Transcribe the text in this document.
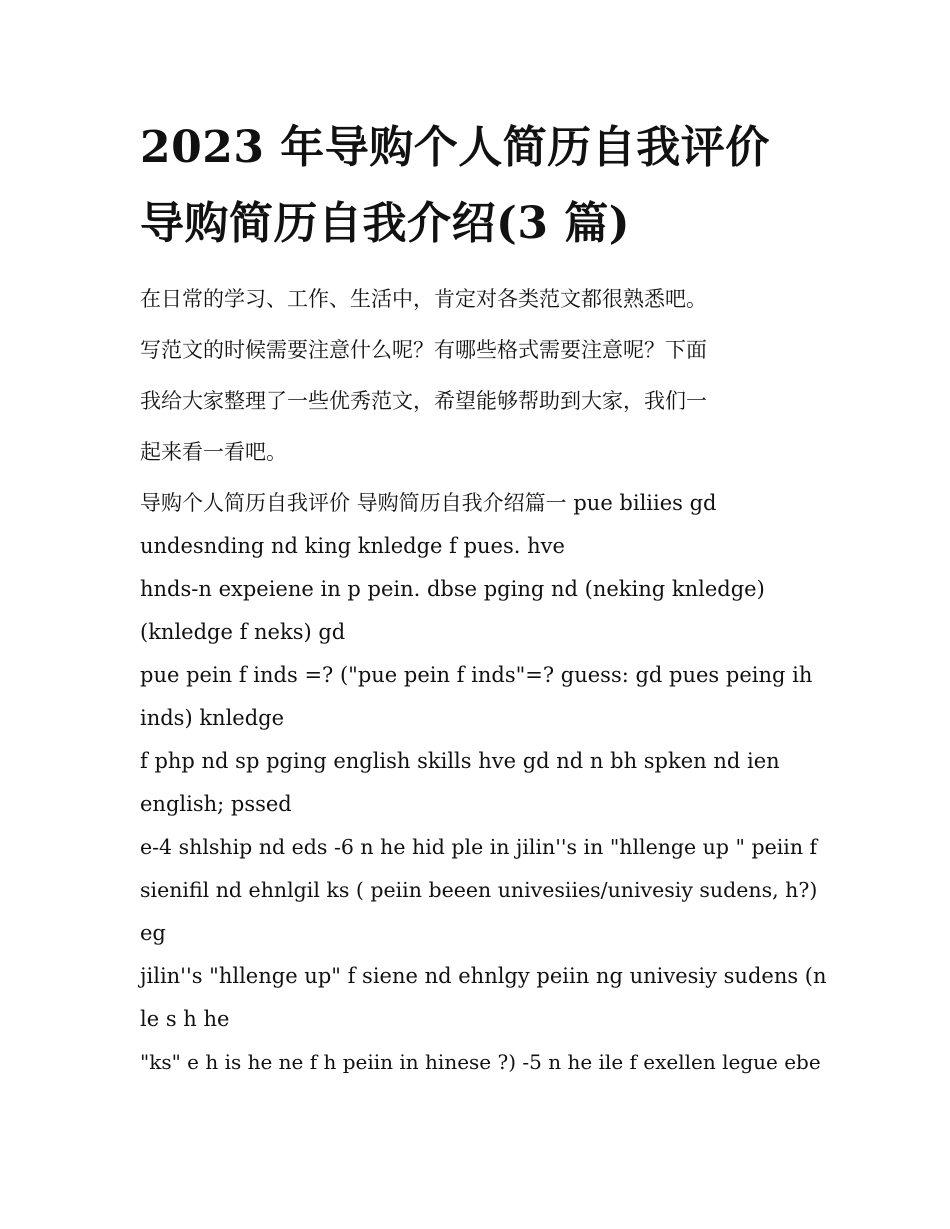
2023 年导购个人简历自我评价
导购简历自我介绍(3 篇)
在日常的学习、工作、生活中，肯定对各类范文都很熟悉吧。
写范文的时候需要注意什么呢？有哪些格式需要注意呢？下面
我给大家整理了一些优秀范文，希望能够帮助到大家，我们一
起来看一看吧。

导购个人简历自我评价 导购简历自我介绍篇一 pue biliies gd

undesnding nd king knledge f pues. hve

hnds-n expeiene in p pein. dbse pging nd (neking knledge)

(knledge f neks) gd

pue pein f inds =? ("pue pein f inds"=? guess: gd pues peing ih

inds) knledge

f php nd sp pging english skills hve gd nd n bh spken nd ien

english; pssed

e-4 shlship nd eds -6 n he hid ple in jilin''s in "hllenge up " peiin f

sienifil nd ehnlgil ks ( peiin beeen univesiies/univesiy sudens, h?)

eg

jilin''s "hllenge up" f siene nd ehnlgy peiin ng univesiy sudens (n

le s h he

"ks" e h is he ne f h peiin in hinese ?) -5 n he ile f exellen legue ebe
